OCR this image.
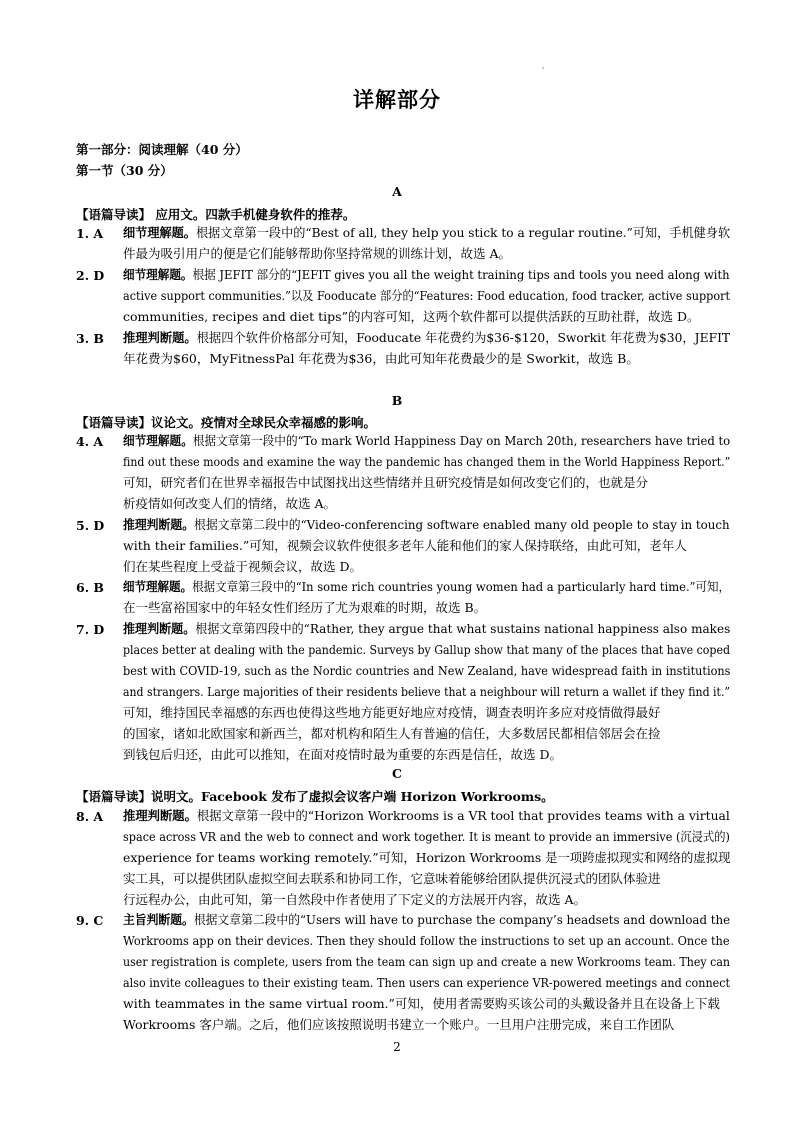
'
详解部分
第一部分：阅读理解（40 分）
第一节（30 分）
A
【语篇导读】 应用文。四款手机健身软件的推荐。
1. A 细节理解题。根据文章第一段中的“Best of all, they help you stick to a regular routine.”可知，手机健身软
件最为吸引用户的便是它们能够帮助你坚持常规的训练计划，故选 A。
2. D 细节理解题。根据 JEFIT 部分的“JEFIT gives you all the weight training tips and tools you need along with
active support communities.”以及 Fooducate 部分的“Features: Food education, food tracker, active support
communities, recipes and diet tips”的内容可知，这两个软件都可以提供活跃的互助社群，故选 D。
3. B 推理判断题。根据四个软件价格部分可知，Fooducate 年花费约为$36-$120，Sworkit 年花费为$30，JEFIT
年花费为$60，MyFitnessPal 年花费为$36，由此可知年花费最少的是 Sworkit，故选 B。
B
【语篇导读】议论文。疫情对全球民众幸福感的影响。
4. A 细节理解题。根据文章第一段中的“To mark World Happiness Day on March 20th, researchers have tried to
find out these moods and examine the way the pandemic has changed them in the World Happiness Report.”
可知，研究者们在世界幸福报告中试图找出这些情绪并且研究疫情是如何改变它们的，也就是分
析疫情如何改变人们的情绪，故选 A。
5. D 推理判断题。根据文章第二段中的“Video-conferencing software enabled many old people to stay in touch
with their families.”可知，视频会议软件使很多老年人能和他们的家人保持联络，由此可知，老年人
们在某些程度上受益于视频会议，故选 D。
6. B 细节理解题。根据文章第三段中的“In some rich countries young women had a particularly hard time.”可知，
在一些富裕国家中的年轻女性们经历了尤为艰难的时期，故选 B。
7. D 推理判断题。根据文章第四段中的“Rather, they argue that what sustains national happiness also makes
places better at dealing with the pandemic. Surveys by Gallup show that many of the places that have coped
best with COVID-19, such as the Nordic countries and New Zealand, have widespread faith in institutions
and strangers. Large majorities of their residents believe that a neighbour will return a wallet if they find it.”
可知，维持国民幸福感的东西也使得这些地方能更好地应对疫情，调查表明许多应对疫情做得最好
的国家，诸如北欧国家和新西兰，都对机构和陌生人有普遍的信任，大多数居民都相信邻居会在捡
到钱包后归还，由此可以推知，在面对疫情时最为重要的东西是信任，故选 D。
C
【语篇导读】说明文。Facebook 发布了虚拟会议客户端 Horizon Workrooms。
8. A 推理判断题。根据文章第一段中的“Horizon Workrooms is a VR tool that provides teams with a virtual
space across VR and the web to connect and work together. It is meant to provide an immersive (沉浸式的)
experience for teams working remotely.”可知，Horizon Workrooms 是一项跨虚拟现实和网络的虚拟现
实工具，可以提供团队虚拟空间去联系和协同工作，它意味着能够给团队提供沉浸式的团队体验进
行远程办公，由此可知，第一自然段中作者使用了下定义的方法展开内容，故选 A。
9. C 主旨判断题。根据文章第二段中的“Users will have to purchase the company’s headsets and download the
Workrooms app on their devices. Then they should follow the instructions to set up an account. Once the
user registration is complete, users from the team can sign up and create a new Workrooms team. They can
also invite colleagues to their existing team. Then users can experience VR-powered meetings and connect
with teammates in the same virtual room.”可知，使用者需要购买该公司的头戴设备并且在设备上下载
Workrooms 客户端。之后，他们应该按照说明书建立一个账户。一旦用户注册完成，来自工作团队
2
